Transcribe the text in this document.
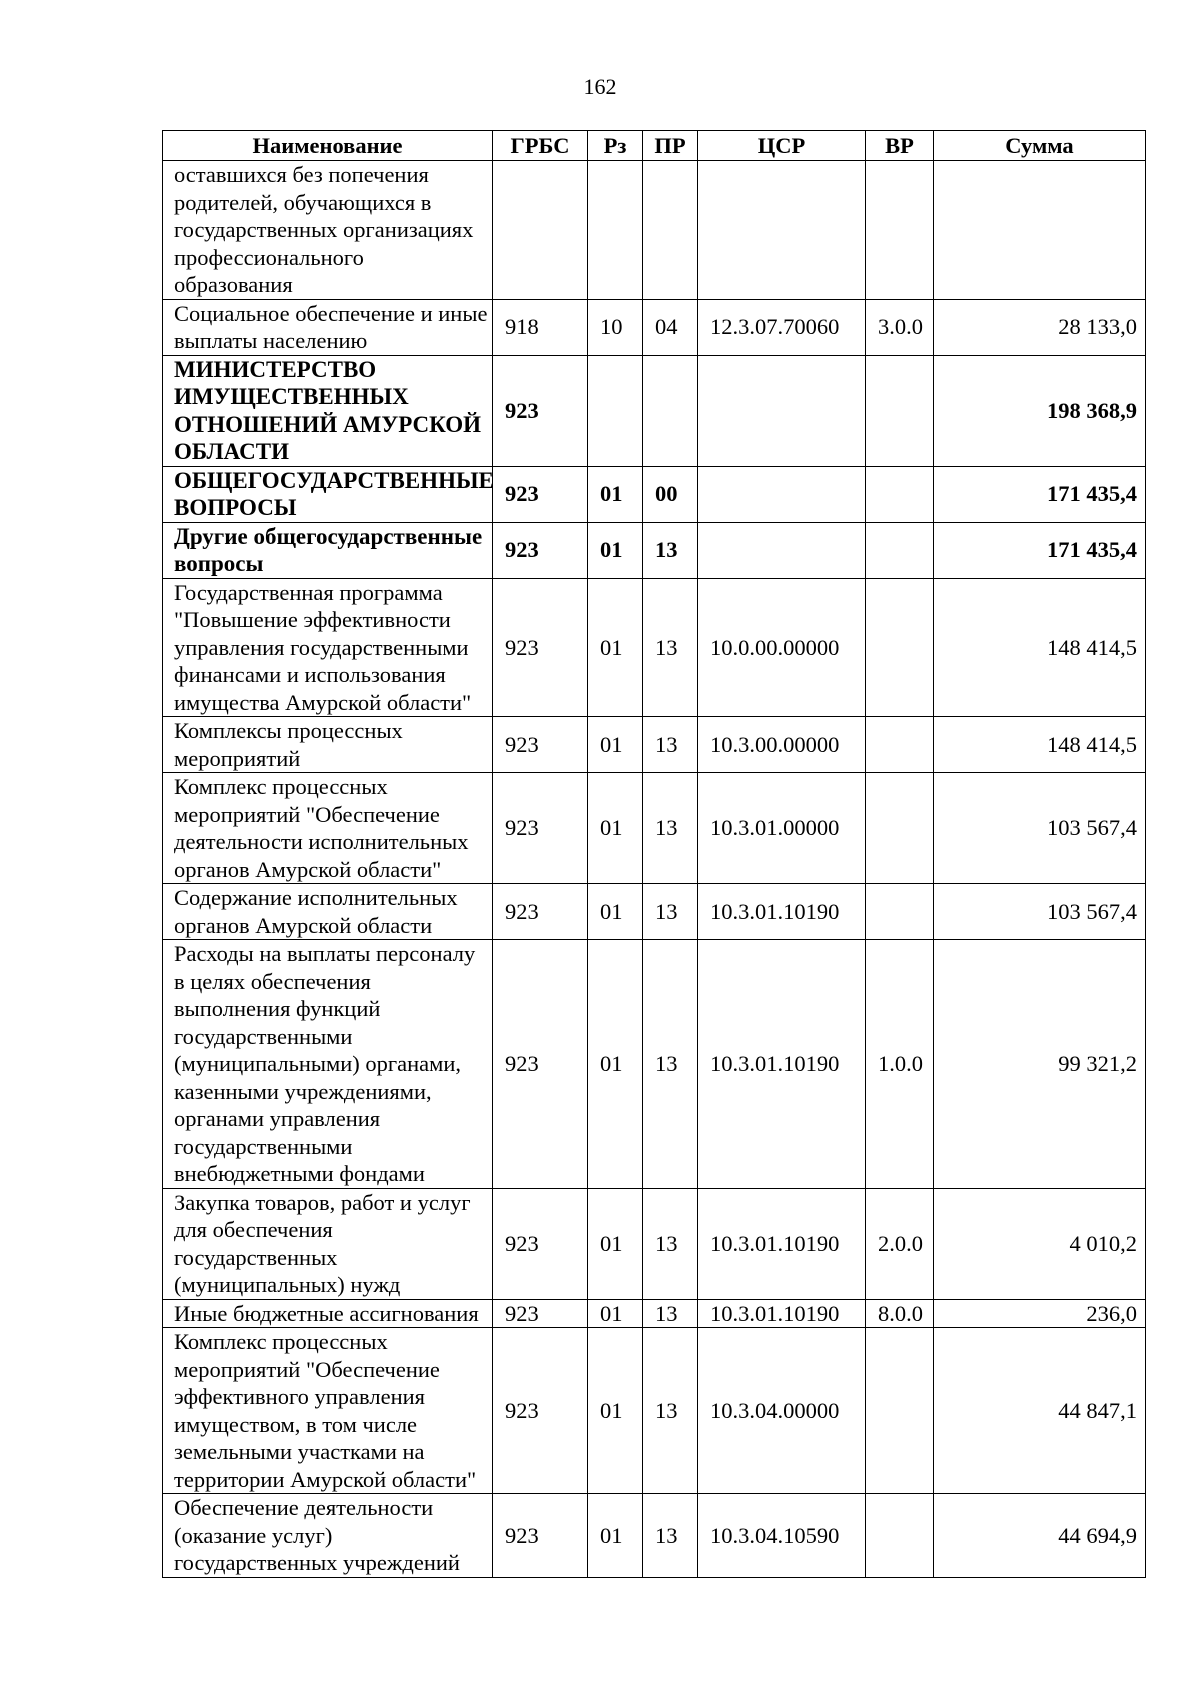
162
Наименование	ГРБС	Рз	ПР	ЦСР	ВР	Сумма
оставшихся без попечения родителей, обучающихся в государственных организациях профессионального образования						
Социальное обеспечение и иные выплаты населению	918	10	04	12.3.07.70060	3.0.0	28 133,0
МИНИСТЕРСТВО ИМУЩЕСТВЕННЫХ ОТНОШЕНИЙ АМУРСКОЙ ОБЛАСТИ	923					198 368,9
ОБЩЕГОСУДАРСТВЕННЫЕ ВОПРОСЫ	923	01	00			171 435,4
Другие общегосударственные вопросы	923	01	13			171 435,4
Государственная программа "Повышение эффективности управления государственными финансами и использования имущества Амурской области"	923	01	13	10.0.00.00000		148 414,5
Комплексы процессных мероприятий	923	01	13	10.3.00.00000		148 414,5
Комплекс процессных мероприятий "Обеспечение деятельности исполнительных органов Амурской области"	923	01	13	10.3.01.00000		103 567,4
Содержание исполнительных органов Амурской области	923	01	13	10.3.01.10190		103 567,4
Расходы на выплаты персоналу в целях обеспечения выполнения функций государственными (муниципальными) органами, казенными учреждениями, органами управления государственными внебюджетными фондами	923	01	13	10.3.01.10190	1.0.0	99 321,2
Закупка товаров, работ и услуг для обеспечения государственных (муниципальных) нужд	923	01	13	10.3.01.10190	2.0.0	4 010,2
Иные бюджетные ассигнования	923	01	13	10.3.01.10190	8.0.0	236,0
Комплекс процессных мероприятий "Обеспечение эффективного управления имуществом, в том числе земельными участками на территории Амурской области"	923	01	13	10.3.04.00000		44 847,1
Обеспечение деятельности (оказание услуг) государственных учреждений	923	01	13	10.3.04.10590		44 694,9
